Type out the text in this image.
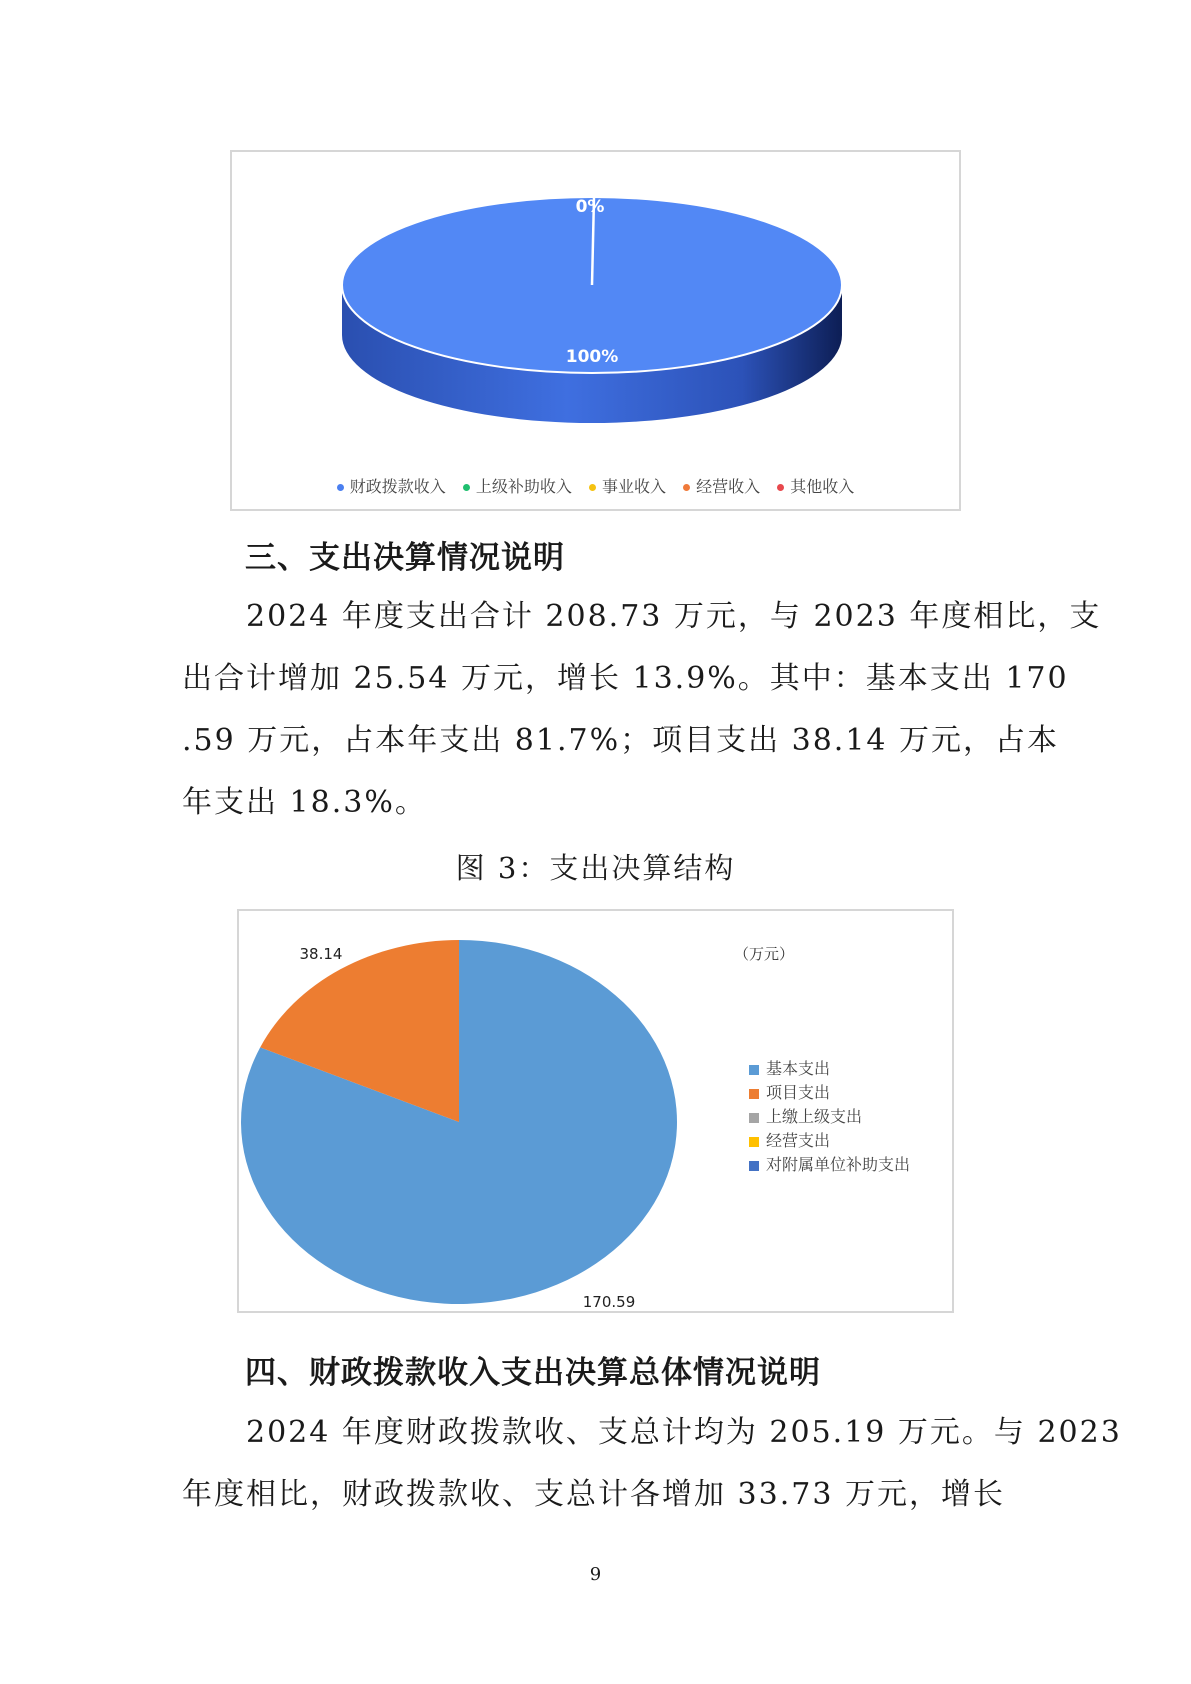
0%
100%
财政拨款收入 上级补助收入 事业收入 经营收入 其他收入
三、支出决算情况说明
2024 年度支出合计 208.73 万元，与 2023 年度相比，支
出合计增加 25.54 万元，增长 13.9%。其中：基本支出 170
.59 万元，占本年支出 81.7%；项目支出 38.14 万元，占本
年支出 18.3%。
图 3：支出决算结构
38.14
170.59
（万元）
基本支出
项目支出
上缴上级支出
经营支出
对附属单位补助支出
四、财政拨款收入支出决算总体情况说明
2024 年度财政拨款收、支总计均为 205.19 万元。与 2023
年度相比，财政拨款收、支总计各增加 33.73 万元，增长
9
